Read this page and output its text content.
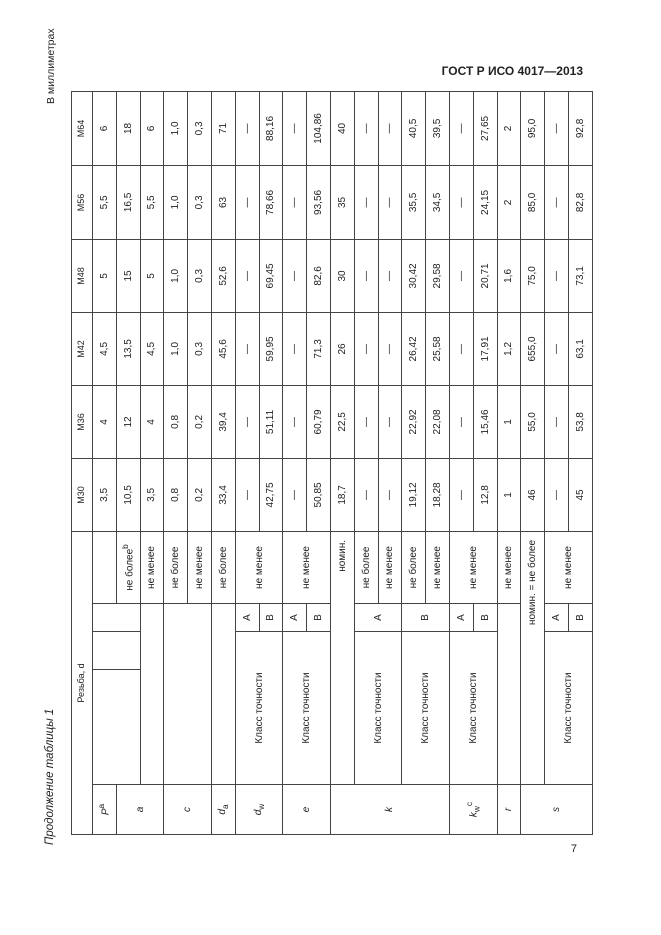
ГОСТ Р ИСО 4017—2013
Продолжение таблицы 1
7
В миллиметрах
Резьба, d					M30	M36	M42	M48	M56	M64
$P^a$					3,5	4	4,5	5	5,5	6
a				не более$^b$	10,5	12	13,5	15	16,5	18
				не менее	3,5	4	4,5	5	5,5	6
c				не более	0,8	0,8	1,0	1,0	1,0	1,0
				не менее	0,2	0,2	0,3	0,3	0,3	0,3
$d_a$				не более	33,4	39,4	45,6	52,6	63	71
$d_w$	Класс точности		A	не менее	—	—	—	—	—	—
			B		42,75	51,11	59,95	69,45	78,66	88,16
e	Класс точности		A	не менее	—	—	—	—	—	—
			B		50,85	60,79	71,3	82,6	93,56	104,86
k	номин.				18,7	22,5	26	30	35	40
	Класс точности		A	не более	—	—	—	—	—	—
				не менее	—	—	—	—	—	—
	Класс точности		B	не более	19,12	22,92	26,42	30,42	35,5	40,5
				не менее	18,28	22,08	25,58	29,58	34,5	39,5
$k_w^c$	Класс точности		A	не менее	—	—	—	—	—	—
			B		12,8	15,46	17,91	20,71	24,15	27,65
r				не менее	1	1	1,2	1,6	2	2
s	номин. = не более				46	55,0	655,0	75,0	85,0	95,0
	Класс точности		A	не менее	—	—	—	—	—	—
			B		45	53,8	63,1	73,1	82,8	92,8
